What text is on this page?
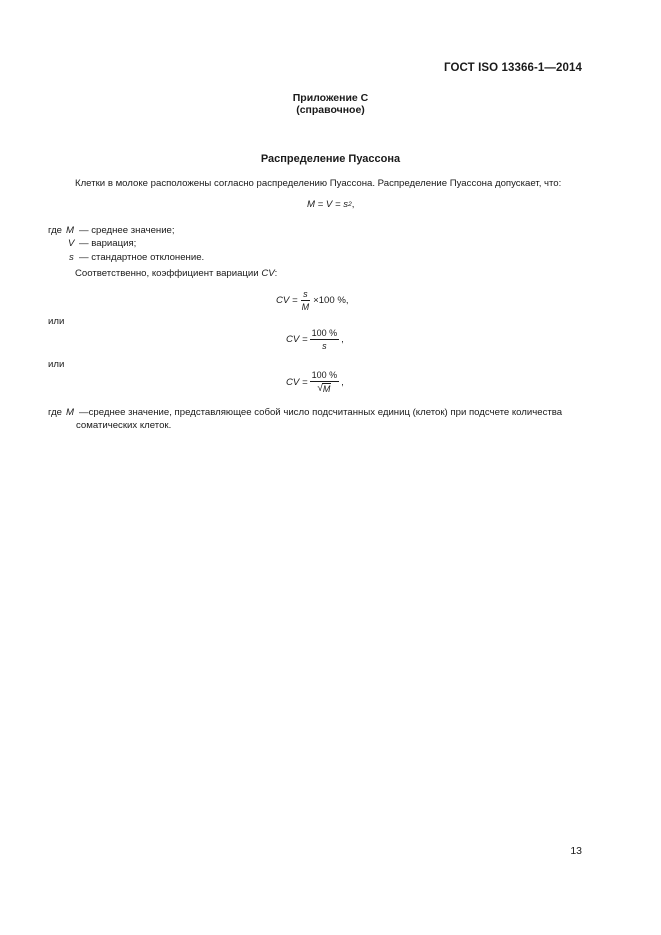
ГОСТ ISO 13366-1—2014
Приложение С
(справочное)
Распределение Пуассона
Клетки в молоке расположены согласно распределению Пуассона. Распределение Пуассона допускает, что:
M = V = s 2 ,
где M — среднее значение;
V — вариация;
s — стандартное отклонение.
Соответственно, коэффициент вариации CV:
CV = $\frac{s}{M} \times 100$ %,
или
CV = $\frac{100 \%}{s}$ ,
или
CV = $\frac{100 \%}{√ M}$ ,
где M —среднее значение, представляющее собой число подсчитанных единиц (клеток) при подсчете количества
соматических клеток.
13
